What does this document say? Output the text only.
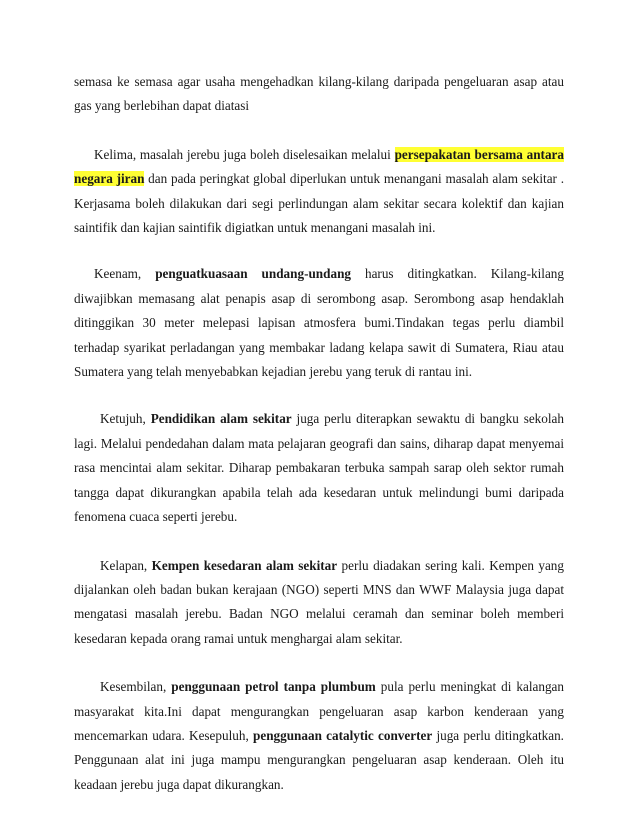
semasa ke semasa agar usaha mengehadkan kilang-kilang daripada pengeluaran asap atau gas yang berlebihan dapat diatasi

Kelima, masalah jerebu juga boleh diselesaikan melalui persepakatan bersama antara negara jiran dan pada peringkat global diperlukan untuk menangani masalah alam sekitar . Kerjasama boleh dilakukan dari segi perlindungan alam sekitar secara kolektif dan kajian saintifik dan kajian saintifik digiatkan untuk menangani masalah ini.

Keenam, penguatkuasaan undang-undang harus ditingkatkan. Kilang-kilang diwajibkan memasang alat penapis asap di serombong asap. Serombong asap hendaklah ditinggikan 30 meter melepasi lapisan atmosfera bumi.Tindakan tegas perlu diambil terhadap syarikat perladangan yang membakar ladang kelapa sawit di Sumatera, Riau atau Sumatera yang telah menyebabkan kejadian jerebu yang teruk di rantau ini.

Ketujuh, Pendidikan alam sekitar juga perlu diterapkan sewaktu di bangku sekolah lagi. Melalui pendedahan dalam mata pelajaran geografi dan sains, diharap dapat menyemai rasa mencintai alam sekitar. Diharap pembakaran terbuka sampah sarap oleh sektor rumah tangga dapat dikurangkan apabila telah ada kesedaran untuk melindungi bumi daripada fenomena cuaca seperti jerebu.

Kelapan, Kempen kesedaran alam sekitar perlu diadakan sering kali. Kempen yang dijalankan oleh badan bukan kerajaan (NGO) seperti MNS dan WWF Malaysia juga dapat mengatasi masalah jerebu. Badan NGO melalui ceramah dan seminar boleh memberi kesedaran kepada orang ramai untuk menghargai alam sekitar.

Kesembilan, penggunaan petrol tanpa plumbum pula perlu meningkat di kalangan masyarakat kita.Ini dapat mengurangkan pengeluaran asap karbon kenderaan yang mencemarkan udara. Kesepuluh, penggunaan catalytic converter juga perlu ditingkatkan. Penggunaan alat ini juga mampu mengurangkan pengeluaran asap kenderaan. Oleh itu keadaan jerebu juga dapat dikurangkan.
